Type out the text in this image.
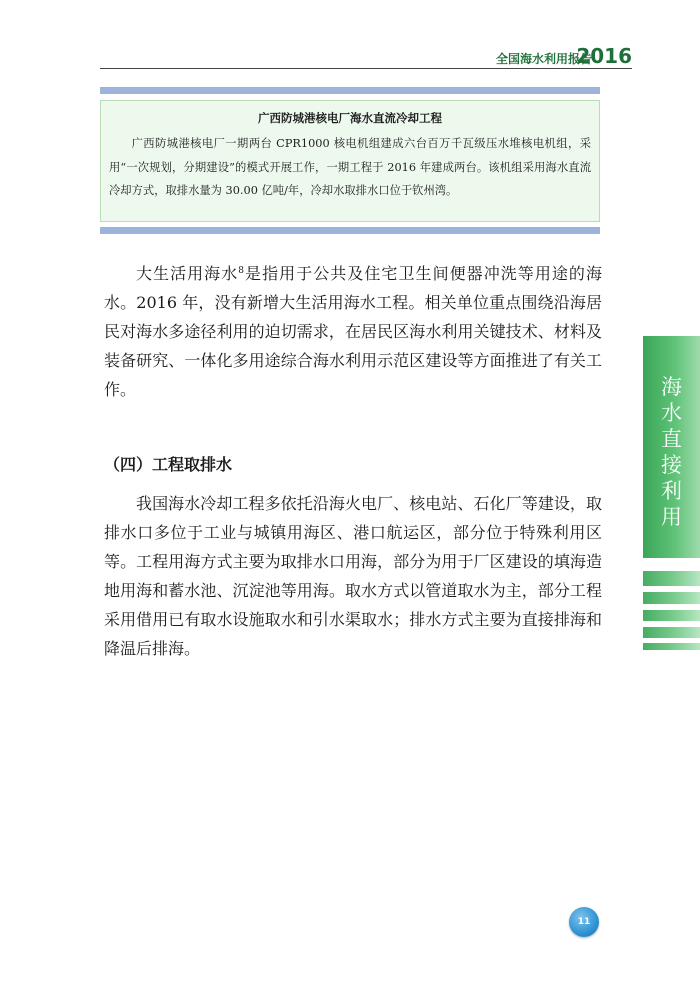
全国海水利用报告
2016
广西防城港核电厂海水直流冷却工程

广西防城港核电厂一期两台 CPR1000 核电机组建成六台百万千瓦级压水堆核电机组，采用“一次规划，分期建设”的模式开展工作，一期工程于 2016 年建成两台。该机组采用海水直流冷却方式，取排水量为 30.00 亿吨/年，冷却水取排水口位于钦州湾。

大生活用海水$^8$是指用于公共及住宅卫生间便器冲洗等用途的海水。2016 年，没有新增大生活用海水工程。相关单位重点围绕沿海居民对海水多途径利用的迫切需求，在居民区海水利用关键技术、材料及装备研究、一体化多用途综合海水利用示范区建设等方面推进了有关工作。

（四）工程取排水

我国海水冷却工程多依托沿海火电厂、核电站、石化厂等建设，取排水口多位于工业与城镇用海区、港口航运区，部分位于特殊利用区等。工程用海方式主要为取排水口用海，部分为用于厂区建设的填海造地用海和蓄水池、沉淀池等用海。取水方式以管道取水为主，部分工程采用借用已有取水设施取水和引水渠取水；排水方式主要为直接排海和降温后排海。

海
水
直
接
利
用
11
